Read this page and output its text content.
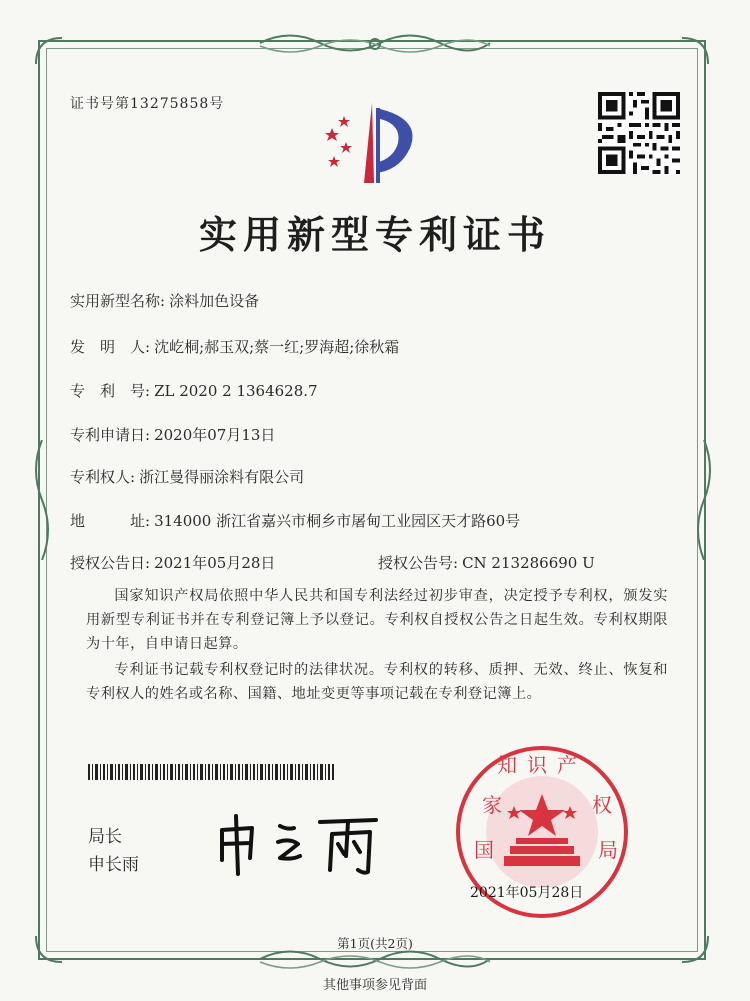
证书号第13275858号
实用新型专利证书
实用新型名称: 涂料加色设备
发　明　人: 沈屹桐;郝玉双;蔡一红;罗海超;徐秋霜
专　利　号: ZL 2020 2 1364628.7
专利申请日: 2020年07月13日
专利权人: 浙江曼得丽涂料有限公司
地　　　址: 314000 浙江省嘉兴市桐乡市屠甸工业园区天才路60号
授权公告日: 2021年05月28日	授权公告号: CN 213286690 U
国家知识产权局依照中华人民共和国专利法经过初步审查，决定授予专利权，颁发实用新型专利证书并在专利登记簿上予以登记。专利权自授权公告之日起生效。专利权期限为十年，自申请日起算。
专利证书记载专利权登记时的法律状况。专利权的转移、质押、无效、终止、恢复和专利权人的姓名或名称、国籍、地址变更等事项记载在专利登记簿上。
局长
申长雨
知识产
家
国
权
局
2021年05月28日
第1页(共2页)
其他事项参见背面
